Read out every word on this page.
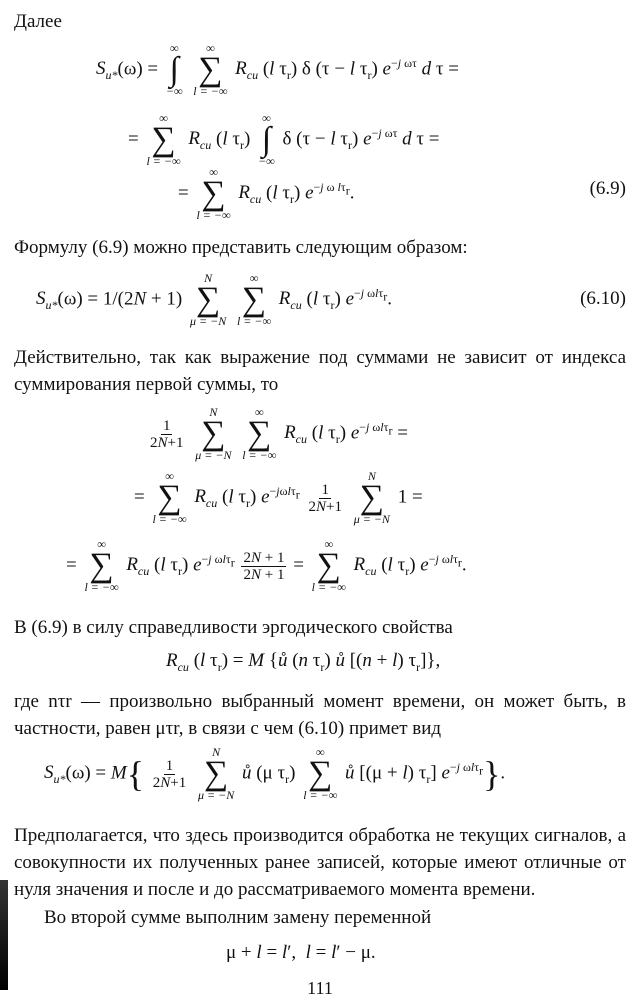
Далее
$S_{u*}(\omega)$ =
∞
∫
−∞

∞
∑
l = −∞
$R_{cu}$ (l $\tau_r$) δ (τ − l $\tau_r$) $e^{-j \omega\tau}$ d τ =
=
∞
∑
l = −∞
$R_{cu}$ (l $\tau_r$)
∞
∫
−∞
δ (τ − l $\tau_r$) $e^{-j \omega\tau}$ d τ =
=
∞
∑
l = −∞
$R_{cu}$ (l $\tau_r$) $e^{-j \omega l\tau_r}$.	(6.9)
Формулу (6.9) можно представить следующим образом:
$S_{u*}(\omega) = 1/(2N + 1)$
N
∑
μ = −N

∞
∑
l = −∞
$R_{cu}$ (l $\tau_r$) $e^{-j \omega l\tau_r}$.	(6.10)
Действительно, так как выражение под суммами не зависит от индекса суммирования первой суммы, то
$\frac{1}{2N+1}$

N
∑
μ = −N

∞
∑
l = −∞
$R_{cu}$ (l $\tau_r$) $e^{-j \omega l\tau_r}$ =
=
∞
∑
l = −∞
$R_{cu}$ (l $\tau_r$) $e^{-j\omega l\tau_r} \frac{1}{2N+1}$

N
∑
μ = −N
1 =
=
∞
∑
l = −∞
$R_{cu}$ (l $\tau_r$) $e^{-j \omega l\tau_r} \frac{2N + 1}{2N + 1}$ =
∞
∑
l = −∞
$R_{cu}$ (l $\tau_r$) $e^{-j \omega l\tau_r}$.
В (6.9) в силу справедливости эргодического свойства
$R_{cu}$ (l $\tau_r) = M$ {ů (n $\tau_r$) ů [(n + l) $\tau_r$]},
где nτr — произвольно выбранный момент времени, он может быть, в частности, равен μτr, в связи с чем (6.10) примет вид
$S_{u*}(\omega) = M\{ \frac{1}{2N+1}$

N
∑
μ = −N
ů (μ $\tau_r$)
∞
∑
l = −∞
ů [(μ + l) $\tau_r$] $e^{-j \omega l\tau_r}$}.
Предполагается, что здесь производится обработка не текущих сигналов, а совокупности их полученных ранее записей, которые имеют отличные от нуля значения и после и до рассматриваемого момента времени.
Во второй сумме выполним замену переменной
μ + l = l′,  l = l′ − μ.
111
